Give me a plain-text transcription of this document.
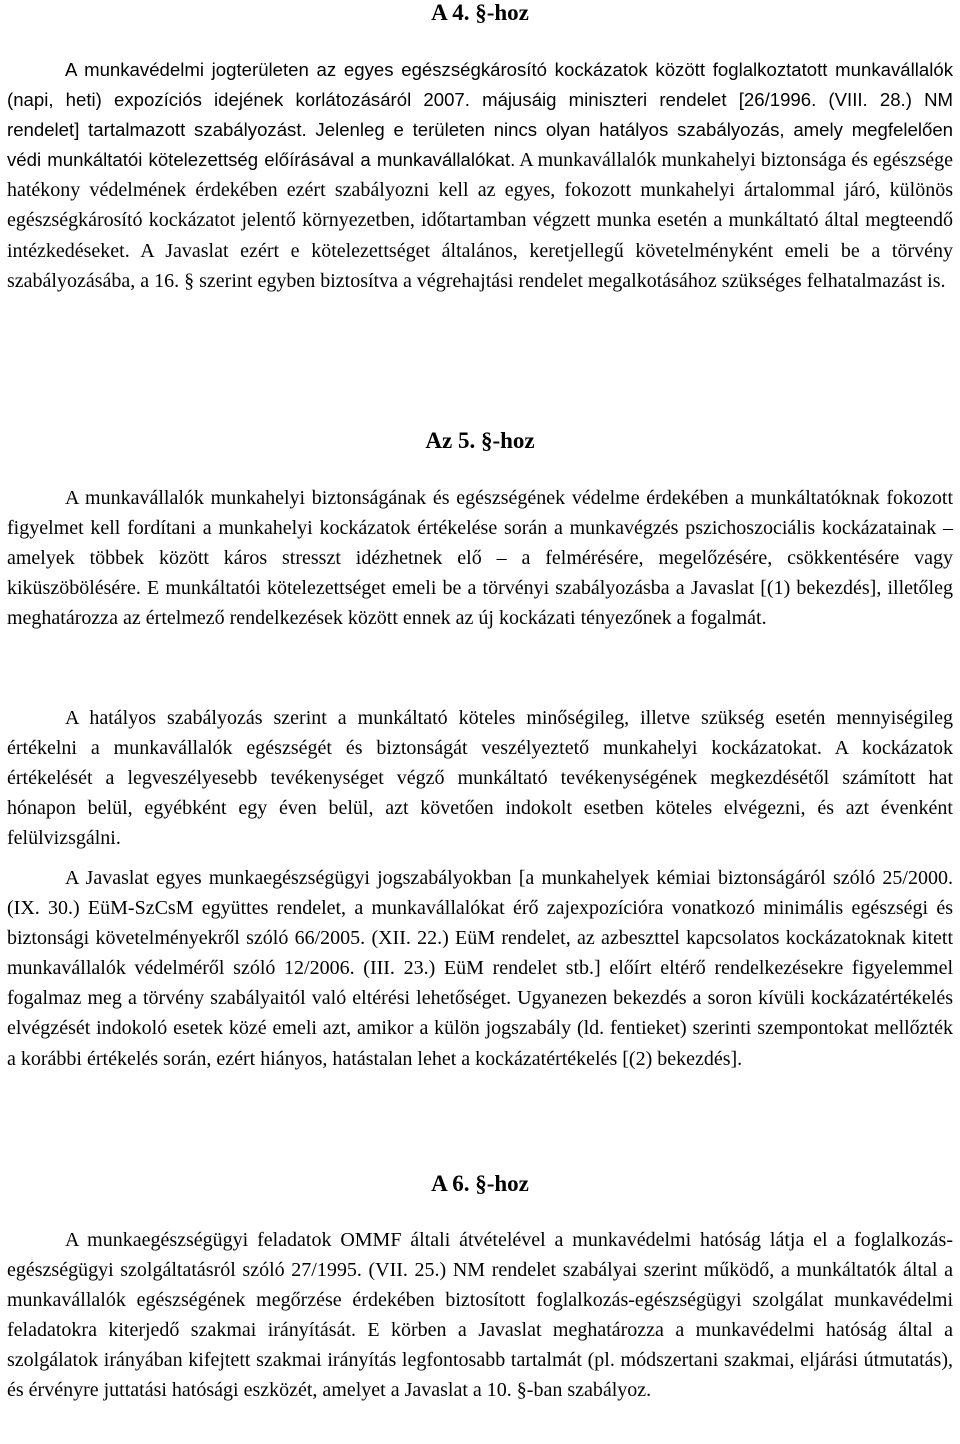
A 4. §-hoz
A munkavédelmi jogterületen az egyes egészségkárosító kockázatok között foglalkoztatott munkavállalók (napi, heti) expozíciós idejének korlátozásáról 2007. májusáig miniszteri rendelet [26/1996. (VIII. 28.) NM rendelet] tartalmazott szabályozást. Jelenleg e területen nincs olyan hatályos szabályozás, amely megfelelően védi munkáltatói kötelezettség előírásával a munkavállalókat. A munkavállalók munkahelyi biztonsága és egészsége hatékony védelmének érdekében ezért szabályozni kell az egyes, fokozott munkahelyi ártalommal járó, különös egészségkárosító kockázatot jelentő környezetben, időtartamban végzett munka esetén a munkáltató által megteendő intézkedéseket. A Javaslat ezért e kötelezettséget általános, keretjellegű követelményként emeli be a törvény szabályozásába, a 16. § szerint egyben biztosítva a végrehajtási rendelet megalkotásához szükséges felhatalmazást is.
Az 5. §-hoz
A munkavállalók munkahelyi biztonságának és egészségének védelme érdekében a munkáltatóknak fokozott figyelmet kell fordítani a munkahelyi kockázatok értékelése során a munkavégzés pszichoszociális kockázatainak – amelyek többek között káros stresszt idézhetnek elő – a felmérésére, megelőzésére, csökkentésére vagy kiküszöbölésére. E munkáltatói kötelezettséget emeli be a törvényi szabályozásba a Javaslat [(1) bekezdés], illetőleg meghatározza az értelmező rendelkezések között ennek az új kockázati tényezőnek a fogalmát.
A hatályos szabályozás szerint a munkáltató köteles minőségileg, illetve szükség esetén mennyiségileg értékelni a munkavállalók egészségét és biztonságát veszélyeztető munkahelyi kockázatokat. A kockázatok értékelését a legveszélyesebb tevékenységet végző munkáltató tevékenységének megkezdésétől számított hat hónapon belül, egyébként egy éven belül, azt követően indokolt esetben köteles elvégezni, és azt évenként felülvizsgálni.
A Javaslat egyes munkaegészségügyi jogszabályokban [a munkahelyek kémiai biztonságáról szóló 25/2000. (IX. 30.) EüM-SzCsM együttes rendelet, a munkavállalókat érő zajexpozícióra vonatkozó minimális egészségi és biztonsági követelményekről szóló 66/2005. (XII. 22.) EüM rendelet, az azbeszttel kapcsolatos kockázatoknak kitett munkavállalók védelméről szóló 12/2006. (III. 23.) EüM rendelet stb.] előírt eltérő rendelkezésekre figyelemmel fogalmaz meg a törvény szabályaitól való eltérési lehetőséget. Ugyanezen bekezdés a soron kívüli kockázatértékelés elvégzését indokoló esetek közé emeli azt, amikor a külön jogszabály (ld. fentieket) szerinti szempontokat mellőzték a korábbi értékelés során, ezért hiányos, hatástalan lehet a kockázatértékelés [(2) bekezdés].
A 6. §-hoz
A munkaegészségügyi feladatok OMMF általi átvételével a munkavédelmi hatóság látja el a foglalkozás-egészségügyi szolgáltatásról szóló 27/1995. (VII. 25.) NM rendelet szabályai szerint működő, a munkáltatók által a munkavállalók egészségének megőrzése érdekében biztosított foglalkozás-egészségügyi szolgálat munkavédelmi feladatokra kiterjedő szakmai irányítását. E körben a Javaslat meghatározza a munkavédelmi hatóság által a szolgálatok irányában kifejtett szakmai irányítás legfontosabb tartalmát (pl. módszertani szakmai, eljárási útmutatás), és érvényre juttatási hatósági eszközét, amelyet a Javaslat a 10. §-ban szabályoz.
